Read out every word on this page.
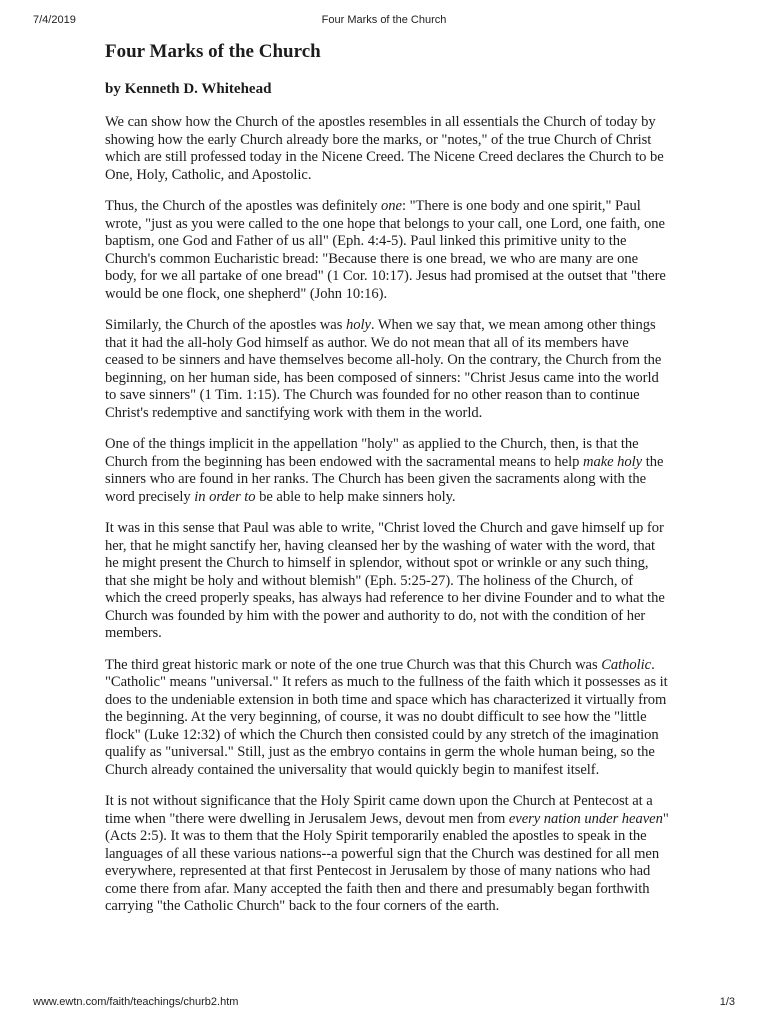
7/4/2019	Four Marks of the Church
Four Marks of the Church
by Kenneth D. Whitehead

We can show how the Church of the apostles resembles in all essentials the Church of today by showing how the early Church already bore the marks, or "notes," of the true Church of Christ which are still professed today in the Nicene Creed. The Nicene Creed declares the Church to be One, Holy, Catholic, and Apostolic.

Thus, the Church of the apostles was definitely one: "There is one body and one spirit," Paul wrote, "just as you were called to the one hope that belongs to your call, one Lord, one faith, one baptism, one God and Father of us all" (Eph. 4:4-5). Paul linked this primitive unity to the Church's common Eucharistic bread: "Because there is one bread, we who are many are one body, for we all partake of one bread" (1 Cor. 10:17). Jesus had promised at the outset that "there would be one flock, one shepherd" (John 10:16).

Similarly, the Church of the apostles was holy. When we say that, we mean among other things that it had the all-holy God himself as author. We do not mean that all of its members have ceased to be sinners and have themselves become all-holy. On the contrary, the Church from the beginning, on her human side, has been composed of sinners: "Christ Jesus came into the world to save sinners" (1 Tim. 1:15). The Church was founded for no other reason than to continue Christ's redemptive and sanctifying work with them in the world.

One of the things implicit in the appellation "holy" as applied to the Church, then, is that the Church from the beginning has been endowed with the sacramental means to help make holy the sinners who are found in her ranks. The Church has been given the sacraments along with the word precisely in order to be able to help make sinners holy.

It was in this sense that Paul was able to write, "Christ loved the Church and gave himself up for her, that he might sanctify her, having cleansed her by the washing of water with the word, that he might present the Church to himself in splendor, without spot or wrinkle or any such thing, that she might be holy and without blemish" (Eph. 5:25-27). The holiness of the Church, of which the creed properly speaks, has always had reference to her divine Founder and to what the Church was founded by him with the power and authority to do, not with the condition of her members.

The third great historic mark or note of the one true Church was that this Church was Catholic. "Catholic" means "universal." It refers as much to the fullness of the faith which it possesses as it does to the undeniable extension in both time and space which has characterized it virtually from the beginning. At the very beginning, of course, it was no doubt difficult to see how the "little flock" (Luke 12:32) of which the Church then consisted could by any stretch of the imagination qualify as "universal." Still, just as the embryo contains in germ the whole human being, so the Church already contained the universality that would quickly begin to manifest itself.

It is not without significance that the Holy Spirit came down upon the Church at Pentecost at a time when "there were dwelling in Jerusalem Jews, devout men from every nation under heaven" (Acts 2:5). It was to them that the Holy Spirit temporarily enabled the apostles to speak in the languages of all these various nations--a powerful sign that the Church was destined for all men everywhere, represented at that first Pentecost in Jerusalem by those of many nations who had come there from afar. Many accepted the faith then and there and presumably began forthwith carrying "the Catholic Church" back to the four corners of the earth.

www.ewtn.com/faith/teachings/churb2.htm	1/3
